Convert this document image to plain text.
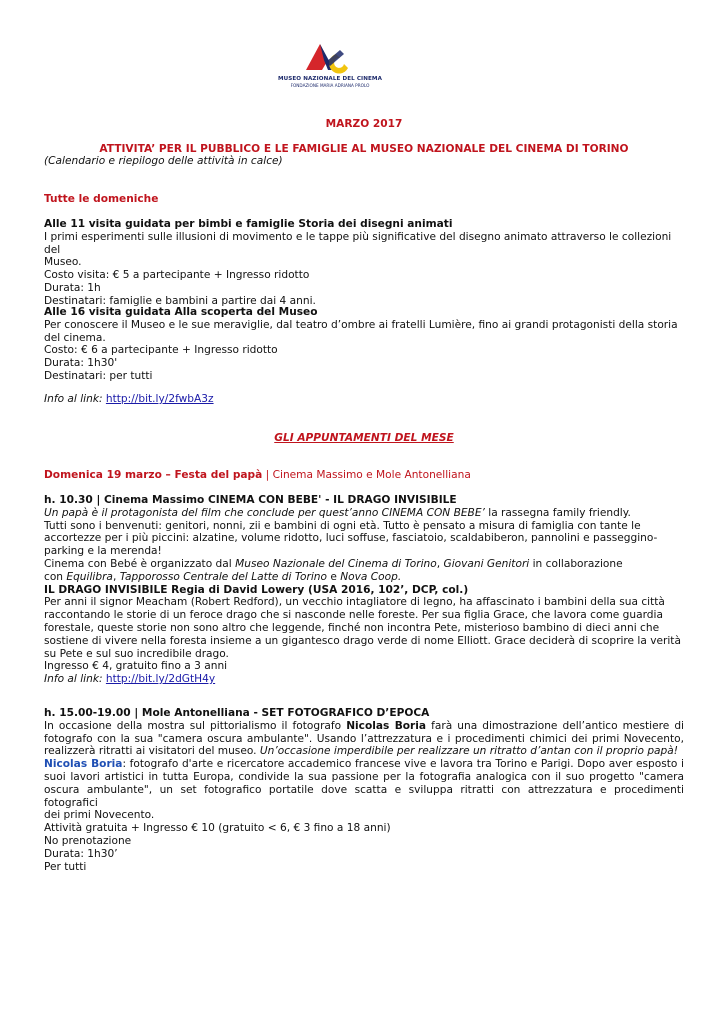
MUSEO NAZIONALE DEL CINEMA
FONDAZIONE MARIA ADRIANA PROLO
MARZO 2017
ATTIVITA’ PER IL PUBBLICO E LE FAMIGLIE AL MUSEO NAZIONALE DEL CINEMA DI TORINO
(Calendario e riepilogo delle attività in calce)
Tutte le domeniche

Alle 11 visita guidata per bimbi e famiglie Storia dei disegni animati

I primi esperimenti sulle illusioni di movimento e le tappe più significative del disegno animato attraverso le collezioni del

Museo.

Costo visita: € 5 a partecipante + Ingresso ridotto

Durata: 1h

Destinatari: famiglie e bambini a partire dai 4 anni.

Alle 16 visita guidata Alla scoperta del Museo

Per conoscere il Museo e le sue meraviglie, dal teatro d’ombre ai fratelli Lumière, fino ai grandi protagonisti della storia

del cinema.

Costo: € 6 a partecipante + Ingresso ridotto

Durata: 1h30'

Destinatari: per tutti

Info al link: http://bit.ly/2fwbA3z
GLI APPUNTAMENTI DEL MESE
Domenica 19 marzo – Festa del papà | Cinema Massimo e Mole Antonelliana

h. 10.30 | Cinema Massimo CINEMA CON BEBE' - IL DRAGO INVISIBILE

Un papà è il protagonista del film che conclude per quest’anno CINEMA CON BEBE’ la rassegna family friendly.

Tutti sono i benvenuti: genitori, nonni, zii e bambini di ogni età. Tutto è pensato a misura di famiglia con tante le

accortezze per i più piccini: alzatine, volume ridotto, luci soffuse, fasciatoio, scaldabiberon, pannolini e passeggino-

parking e la merenda!

Cinema con Bebé è organizzato dal Museo Nazionale del Cinema di Torino, Giovani Genitori in collaborazione

con Equilibra, Tapporosso Centrale del Latte di Torino e Nova Coop.

IL DRAGO INVISIBILE Regia di David Lowery (USA 2016, 102’, DCP, col.)

Per anni il signor Meacham (Robert Redford), un vecchio intagliatore di legno, ha affascinato i bambini della sua città

raccontando le storie di un feroce drago che si nasconde nelle foreste. Per sua figlia Grace, che lavora come guardia

forestale, queste storie non sono altro che leggende, finché non incontra Pete, misterioso bambino di dieci anni che

sostiene di vivere nella foresta insieme a un gigantesco drago verde di nome Elliott. Grace deciderà di scoprire la verità

su Pete e sul suo incredibile drago.

Ingresso € 4, gratuito fino a 3 anni

Info al link: http://bit.ly/2dGtH4y

h. 15.00-19.00 | Mole Antonelliana - SET FOTOGRAFICO D’EPOCA

In occasione della mostra sul pittorialismo il fotografo Nicolas Boria farà una dimostrazione dell’antico mestiere di

fotografo con la sua "camera oscura ambulante". Usando l’attrezzatura e i procedimenti chimici dei primi Novecento,

realizzerà ritratti ai visitatori del museo. Un’occasione imperdibile per realizzare un ritratto d’antan con il proprio papà!

Nicolas Boria: fotografo d'arte e ricercatore accademico francese vive e lavora tra Torino e Parigi. Dopo aver esposto i

suoi lavori artistici in tutta Europa, condivide la sua passione per la fotografia analogica con il suo progetto "camera

oscura ambulante", un set fotografico portatile dove scatta e sviluppa ritratti con attrezzatura e procedimenti fotografici

dei primi Novecento.

Attività gratuita + Ingresso € 10 (gratuito < 6, € 3 fino a 18 anni)

No prenotazione

Durata: 1h30’

Per tutti
